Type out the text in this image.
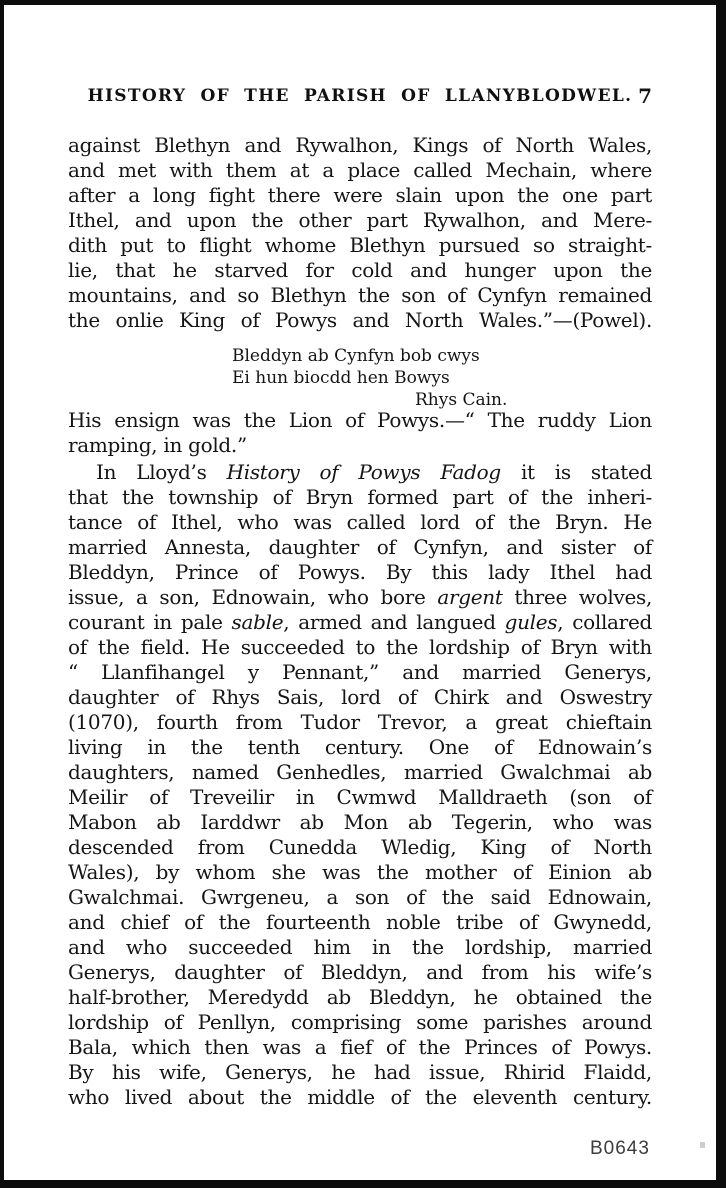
HISTORY OF THE PARISH OF LLANYBLODWEL. 7
against Blethyn and Rywalhon, Kings of North Wales,
and met with them at a place called Mechain, where
after a long fight there were slain upon the one part
Ithel, and upon the other part Rywalhon, and Mere-
dith put to flight whome Blethyn pursued so straight-
lie, that he starved for cold and hunger upon the
mountains, and so Blethyn the son of Cynfyn remained
the onlie King of Powys and North Wales.”—(Powel).
Bleddyn ab Cynfyn bob cwys
Ei hun biocdd hen Bowys
Rhys Cain.
His ensign was the Lion of Powys.—“ The ruddy Lion
ramping, in gold.”
In Lloyd’s History of Powys Fadog it is stated
that the township of Bryn formed part of the inheri-
tance of Ithel, who was called lord of the Bryn. He
married Annesta, daughter of Cynfyn, and sister of
Bleddyn, Prince of Powys. By this lady Ithel had
issue, a son, Ednowain, who bore argent three wolves,
courant in pale sable, armed and langued gules, collared
of the field. He succeeded to the lordship of Bryn with
“ Llanfihangel y Pennant,” and married Generys,
daughter of Rhys Sais, lord of Chirk and Oswestry
(1070), fourth from Tudor Trevor, a great chieftain
living in the tenth century. One of Ednowain’s
daughters, named Genhedles, married Gwalchmai ab
Meilir of Treveilir in Cwmwd Malldraeth (son of
Mabon ab Iarddwr ab Mon ab Tegerin, who was
descended from Cunedda Wledig, King of North
Wales), by whom she was the mother of Einion ab
Gwalchmai. Gwrgeneu, a son of the said Ednowain,
and chief of the fourteenth noble tribe of Gwynedd,
and who succeeded him in the lordship, married
Generys, daughter of Bleddyn, and from his wife’s
half-brother, Meredydd ab Bleddyn, he obtained the
lordship of Penllyn, comprising some parishes around
Bala, which then was a fief of the Princes of Powys.
By his wife, Generys, he had issue, Rhirid Flaidd,
who lived about the middle of the eleventh century.
B0643
